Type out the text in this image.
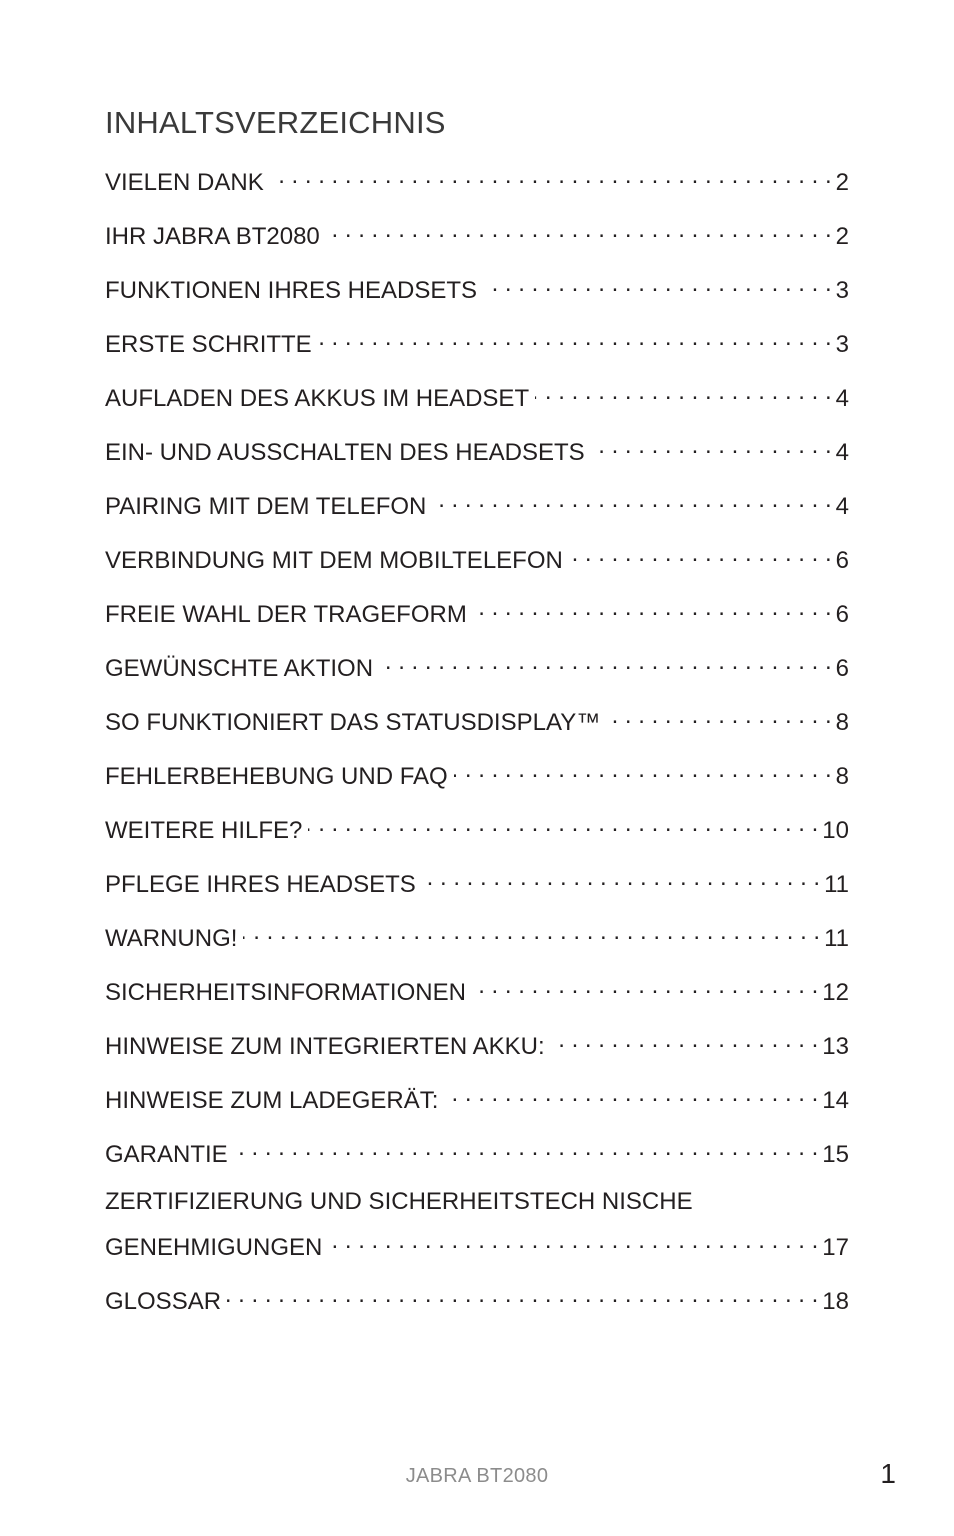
INHALTSVERZEICHNIS
VIELEN DANK . . .	2
IHR JABRA BT2080 . . .	2
FUNKTIONEN IHRES HEADSETS . . .	3
ERSTE SCHRITTE . . .	3
AUFLADEN DES AKKUS IM HEADSET . . .	4
EIN- UND AUSSCHALTEN DES HEADSETS . . .	4
PAIRING MIT DEM TELEFON . . .	4
VERBINDUNG MIT DEM MOBILTELEFON . . .	6
FREIE WAHL DER TRAGEFORM . . .	6
GEWÜNSCHTE AKTION . . .	6
SO FUNKTIONIERT DAS STATUSDISPLAY™ . . .	8
FEHLERBEHEBUNG UND FAQ . . .	8
WEITERE HILFE? . . .	10
PFLEGE IHRES HEADSETS . . .	11
WARNUNG! . . .	11
SICHERHEITSINFORMATIONEN . . .	12
HINWEISE ZUM INTEGRIERTEN AKKU: . . .	13
HINWEISE ZUM LADEGERÄT: . . .	14
GARANTIE . . .	15
ZERTIFIZIERUNG UND SICHERHEITSTECH NISCHE
GENEHMIGUNGEN . . .	17
GLOSSAR . . .	18
JABRA BT2080	1
